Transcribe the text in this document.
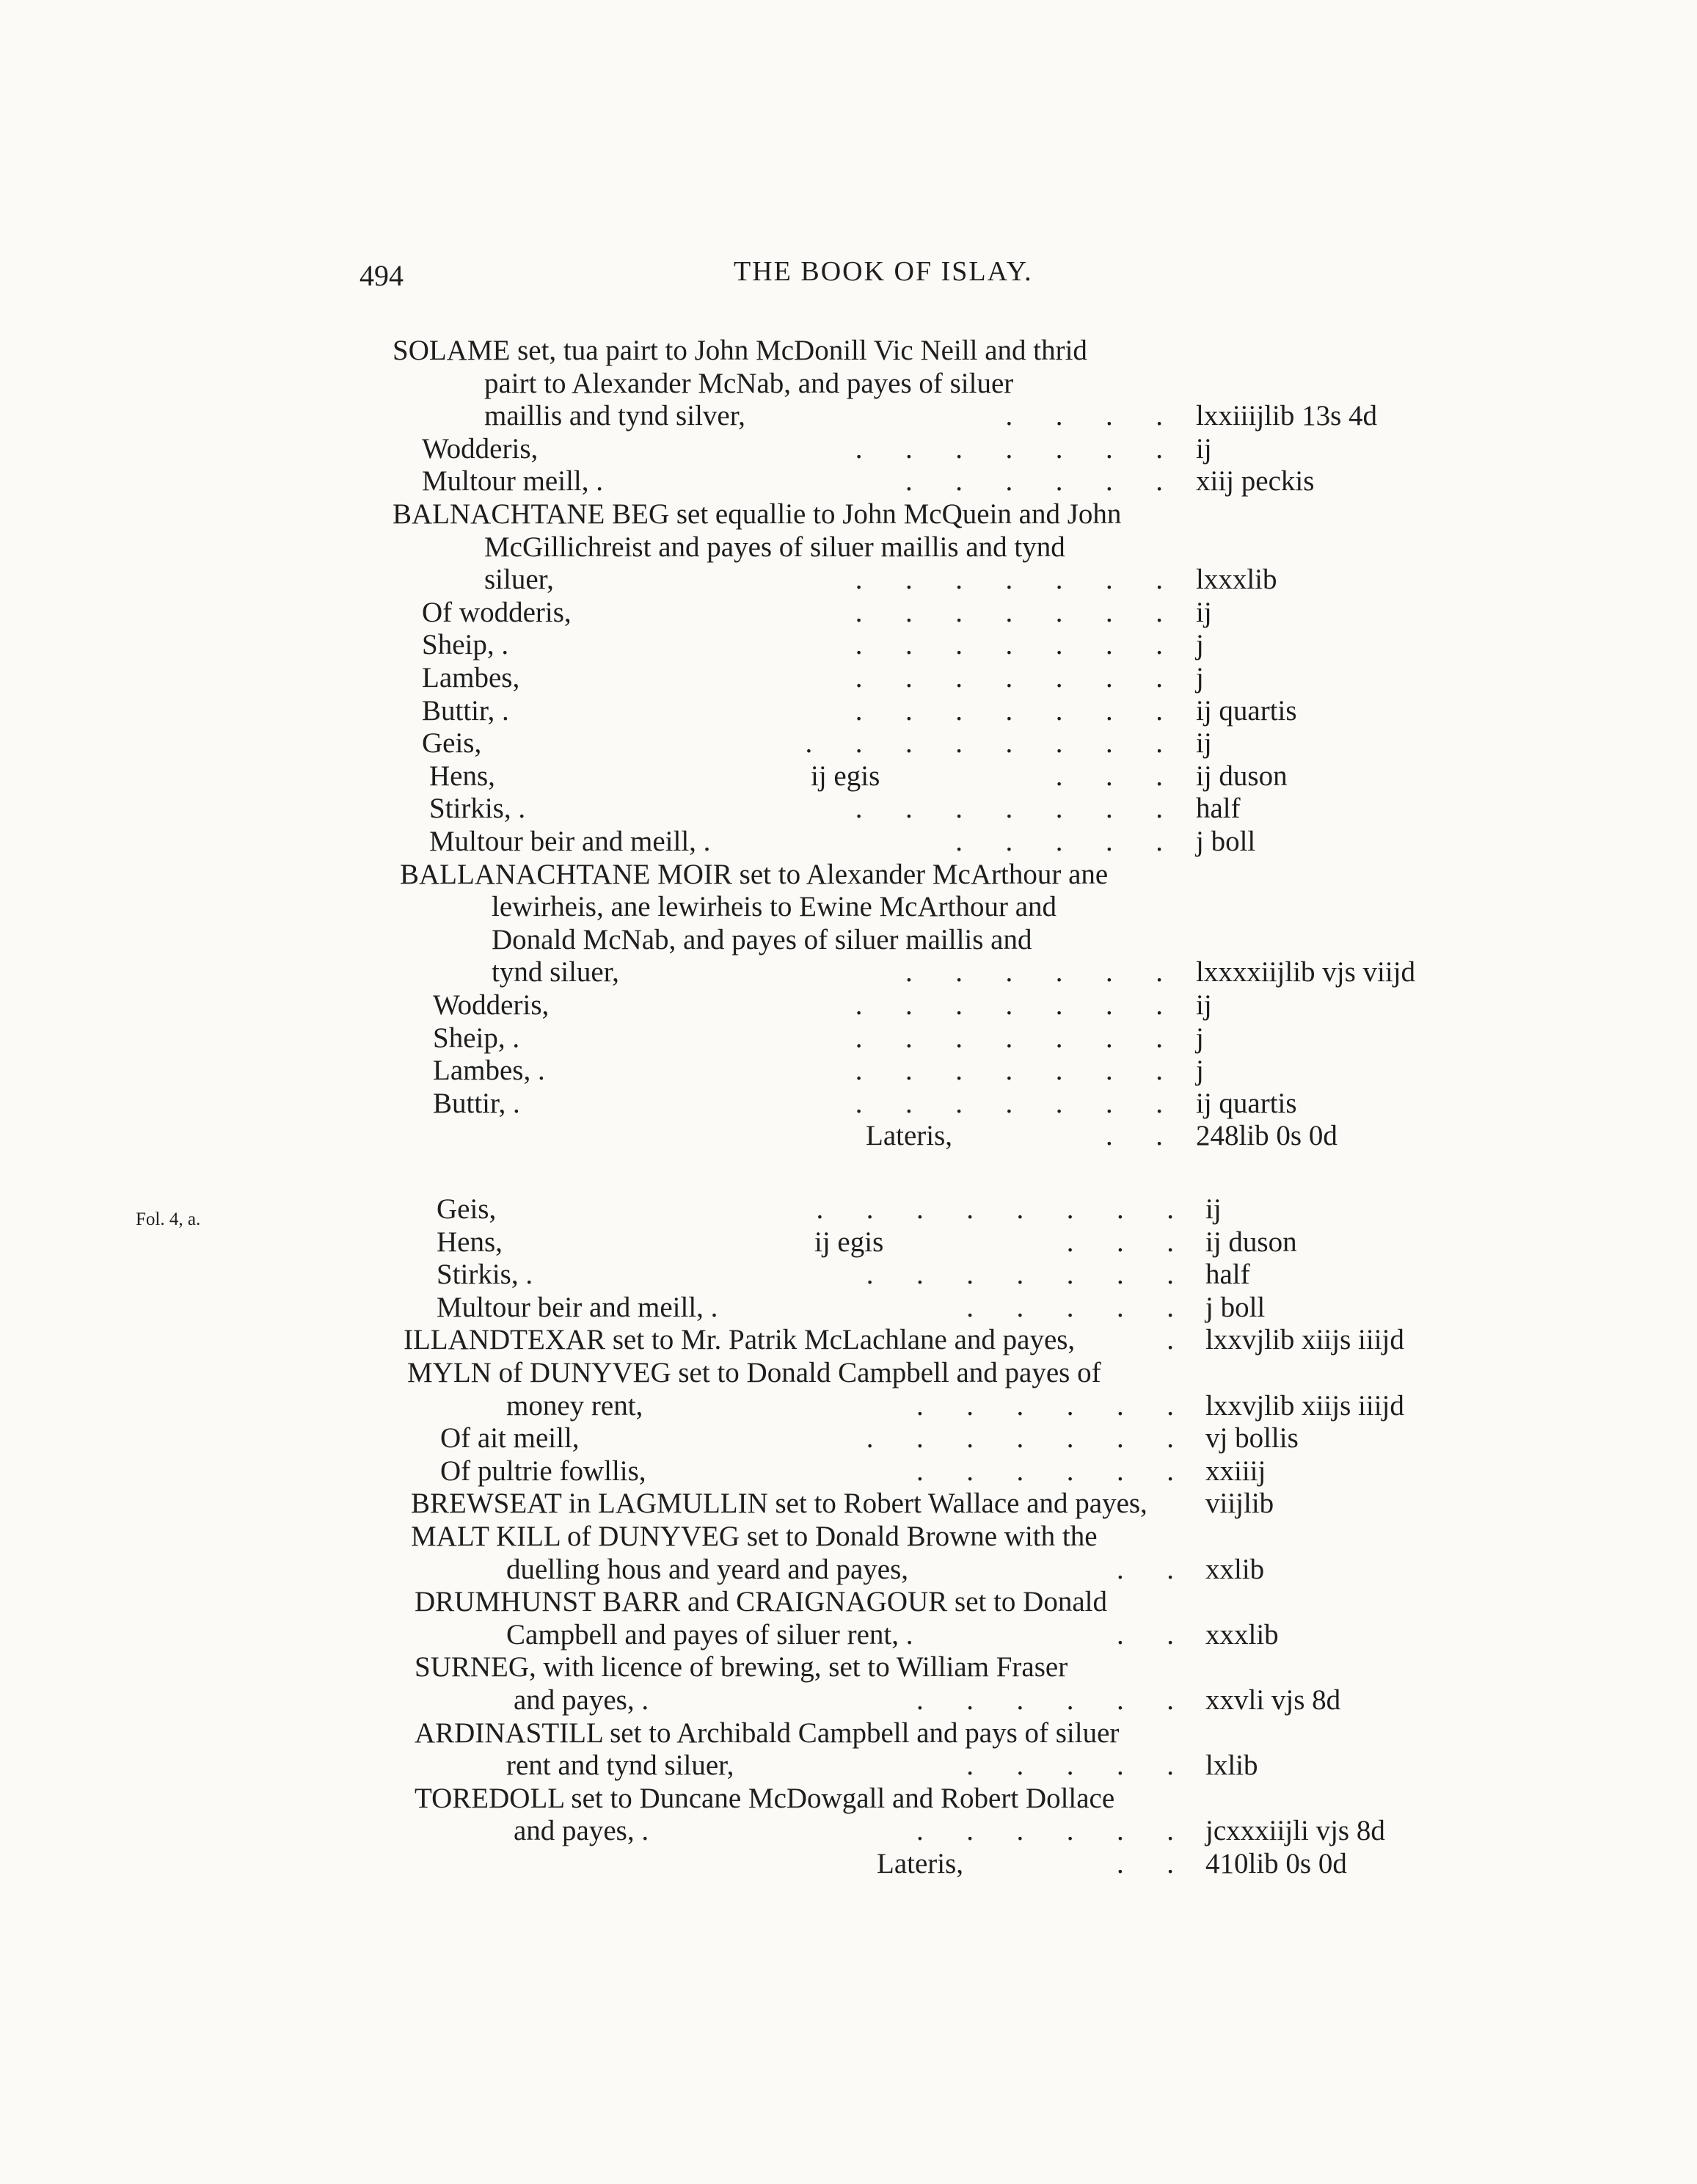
494	THE BOOK OF ISLAY.
Fol. 4, a.
SOLAME set, tua pairt to John McDonill Vic Neill and thrid
pairt to Alexander McNab, and payes of siluer
maillis and tynd silver,	.      .      .      . lxxiiijlib 13s 4d
Wodderis,	.      .      .      .      .      .      . ij
Multour meill, .	.      .      .      .      .      . xiij peckis
BALNACHTANE BEG set equallie to John McQuein and John
McGillichreist and payes of siluer maillis and tynd
siluer,	.      .      .      .      .      .      . lxxxlib
Of wodderis,	.      .      .      .      .      .      . ij
Sheip, .	.      .      .      .      .      .      . j
Lambes,	.      .      .      .      .      .      . j
Buttir, .	.      .      .      .      .      .      . ij quartis
Geis,	.      .      .      .      .      .      .      . ij
Hens,	ij egis	.      .      . ij duson
Stirkis, .	.      .      .      .      .      .      . half
Multour beir and meill, .	.      .      .      .      . j boll
BALLANACHTANE MOIR set to Alexander McArthour ane
lewirheis, ane lewirheis to Ewine McArthour and
Donald McNab, and payes of siluer maillis and
tynd siluer,	.      .      .      .      .      . lxxxxiijlib vjs viijd
Wodderis,	.      .      .      .      .      .      . ij
Sheip, .	.      .      .      .      .      .      . j
Lambes, .	.      .      .      .      .      .      . j
Buttir, .	.      .      .      .      .      .      . ij quartis
Lateris,	.      . 248lib 0s 0d
Geis,	.      .      .      .      .      .      .      . ij
Hens,	ij egis	.      .      . ij duson
Stirkis, .	.      .      .      .      .      .      . half
Multour beir and meill, .	.      .      .      .      . j boll
ILLANDTEXAR set to Mr. Patrik McLachlane and payes,	. lxxvjlib xiijs iiijd
MYLN of DUNYVEG set to Donald Campbell and payes of
money rent,	.      .      .      .      .      . lxxvjlib xiijs iiijd
Of ait meill,	.      .      .      .      .      .      . vj bollis
Of pultrie fowllis,	.      .      .      .      .      . xxiiij
BREWSEAT in LAGMULLIN set to Robert Wallace and payes, viijlib
MALT KILL of DUNYVEG set to Donald Browne with the
duelling hous and yeard and payes,	.      . xxlib
DRUMHUNST BARR and CRAIGNAGOUR set to Donald
Campbell and payes of siluer rent, .	.      . xxxlib
SURNEG, with licence of brewing, set to William Fraser
and payes, .	.      .      .      .      .      . xxvli vjs 8d
ARDINASTILL set to Archibald Campbell and pays of siluer
rent and tynd siluer,	.      .      .      .      . lxlib
TOREDOLL set to Duncane McDowgall and Robert Dollace
and payes, .	.      .      .      .      .      . jcxxxiijli vjs 8d
Lateris,	.      . 410lib 0s 0d
